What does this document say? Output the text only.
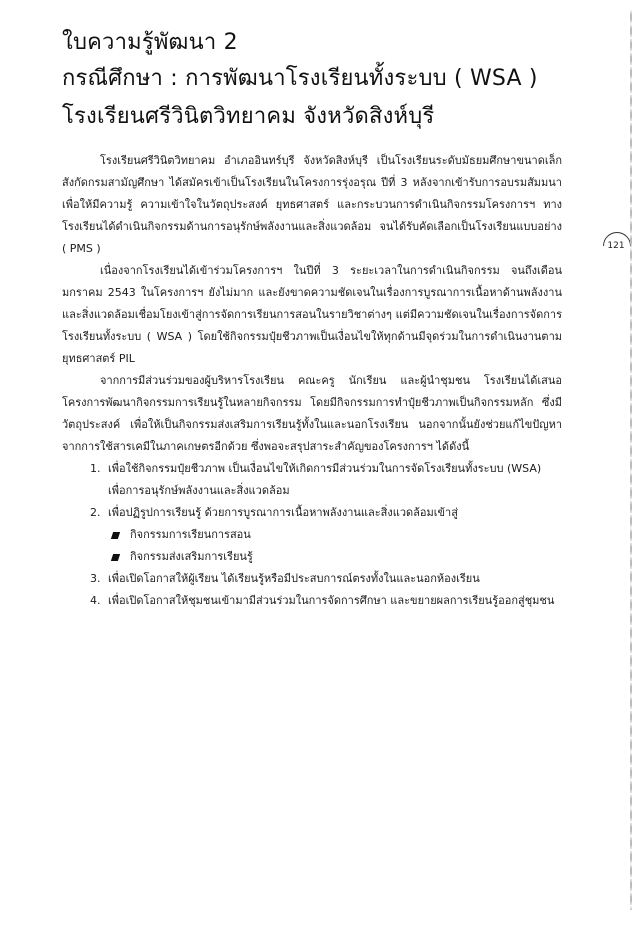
ใบความรู้พัฒนา 2
กรณีศึกษา : การพัฒนาโรงเรียนทั้งระบบ ( WSA )
โรงเรียนศรีวินิตวิทยาคม จังหวัดสิงห์บุรี
121

โรงเรียนศรีวินิตวิทยาคม อำเภออินทร์บุรี จังหวัดสิงห์บุรี เป็นโรงเรียนระดับมัธยมศึกษาขนาดเล็ก สังกัดกรมสามัญศึกษา ได้สมัครเข้าเป็นโรงเรียนในโครงการรุ่งอรุณ ปีที่ 3 หลังจากเข้ารับการอบรมสัมมนา เพื่อให้มีความรู้ ความเข้าใจในวัตถุประสงค์ ยุทธศาสตร์ และกระบวนการดำเนินกิจกรรมโครงการฯ ทางโรงเรียนได้ดำเนินกิจกรรมด้านการอนุรักษ์พลังงานและสิ่งแวดล้อม จนได้รับคัดเลือกเป็นโรงเรียนแบบอย่าง ( PMS )

เนื่องจากโรงเรียนได้เข้าร่วมโครงการฯ ในปีที่ 3 ระยะเวลาในการดำเนินกิจกรรม จนถึงเดือนมกราคม 2543 ในโครงการฯ ยังไม่มาก และยังขาดความชัดเจนในเรื่องการบูรณาการเนื้อหาด้านพลังงานและสิ่งแวดล้อมเชื่อมโยงเข้าสู่การจัดการเรียนการสอนในรายวิชาต่างๆ แต่มีความชัดเจนในเรื่องการจัดการโรงเรียนทั้งระบบ ( WSA ) โดยใช้กิจกรรมปุ๋ยชีวภาพเป็นเงื่อนไขให้ทุกด้านมีจุดร่วมในการดำเนินงานตามยุทธศาสตร์ PIL

จากการมีส่วนร่วมของผู้บริหารโรงเรียน คณะครู นักเรียน และผู้นำชุมชน โรงเรียนได้เสนอโครงการพัฒนากิจกรรมการเรียนรู้ในหลายกิจกรรม โดยมีกิจกรรมการทำปุ๋ยชีวภาพเป็นกิจกรรมหลัก ซึ่งมีวัตถุประสงค์ เพื่อให้เป็นกิจกรรมส่งเสริมการเรียนรู้ทั้งในและนอกโรงเรียน นอกจากนั้นยังช่วยแก้ไขปัญหาจากการใช้สารเคมีในภาคเกษตรอีกด้วย ซึ่งพอจะสรุปสาระสำคัญของโครงการฯ ได้ดังนี้

1. เพื่อใช้กิจกรรมปุ๋ยชีวภาพ เป็นเงื่อนไขให้เกิดการมีส่วนร่วมในการจัดโรงเรียนทั้งระบบ (WSA) เพื่อการอนุรักษ์พลังงานและสิ่งแวดล้อม
2. เพื่อปฏิรูปการเรียนรู้ ด้วยการบูรณาการเนื้อหาพลังงานและสิ่งแวดล้อมเข้าสู่
กิจกรรมการเรียนการสอน
กิจกรรมส่งเสริมการเรียนรู้
3. เพื่อเปิดโอกาสให้ผู้เรียน ได้เรียนรู้หรือมีประสบการณ์ตรงทั้งในและนอกห้องเรียน
4. เพื่อเปิดโอกาสให้ชุมชนเข้ามามีส่วนร่วมในการจัดการศึกษา และขยายผลการเรียนรู้ออกสู่ชุมชน
